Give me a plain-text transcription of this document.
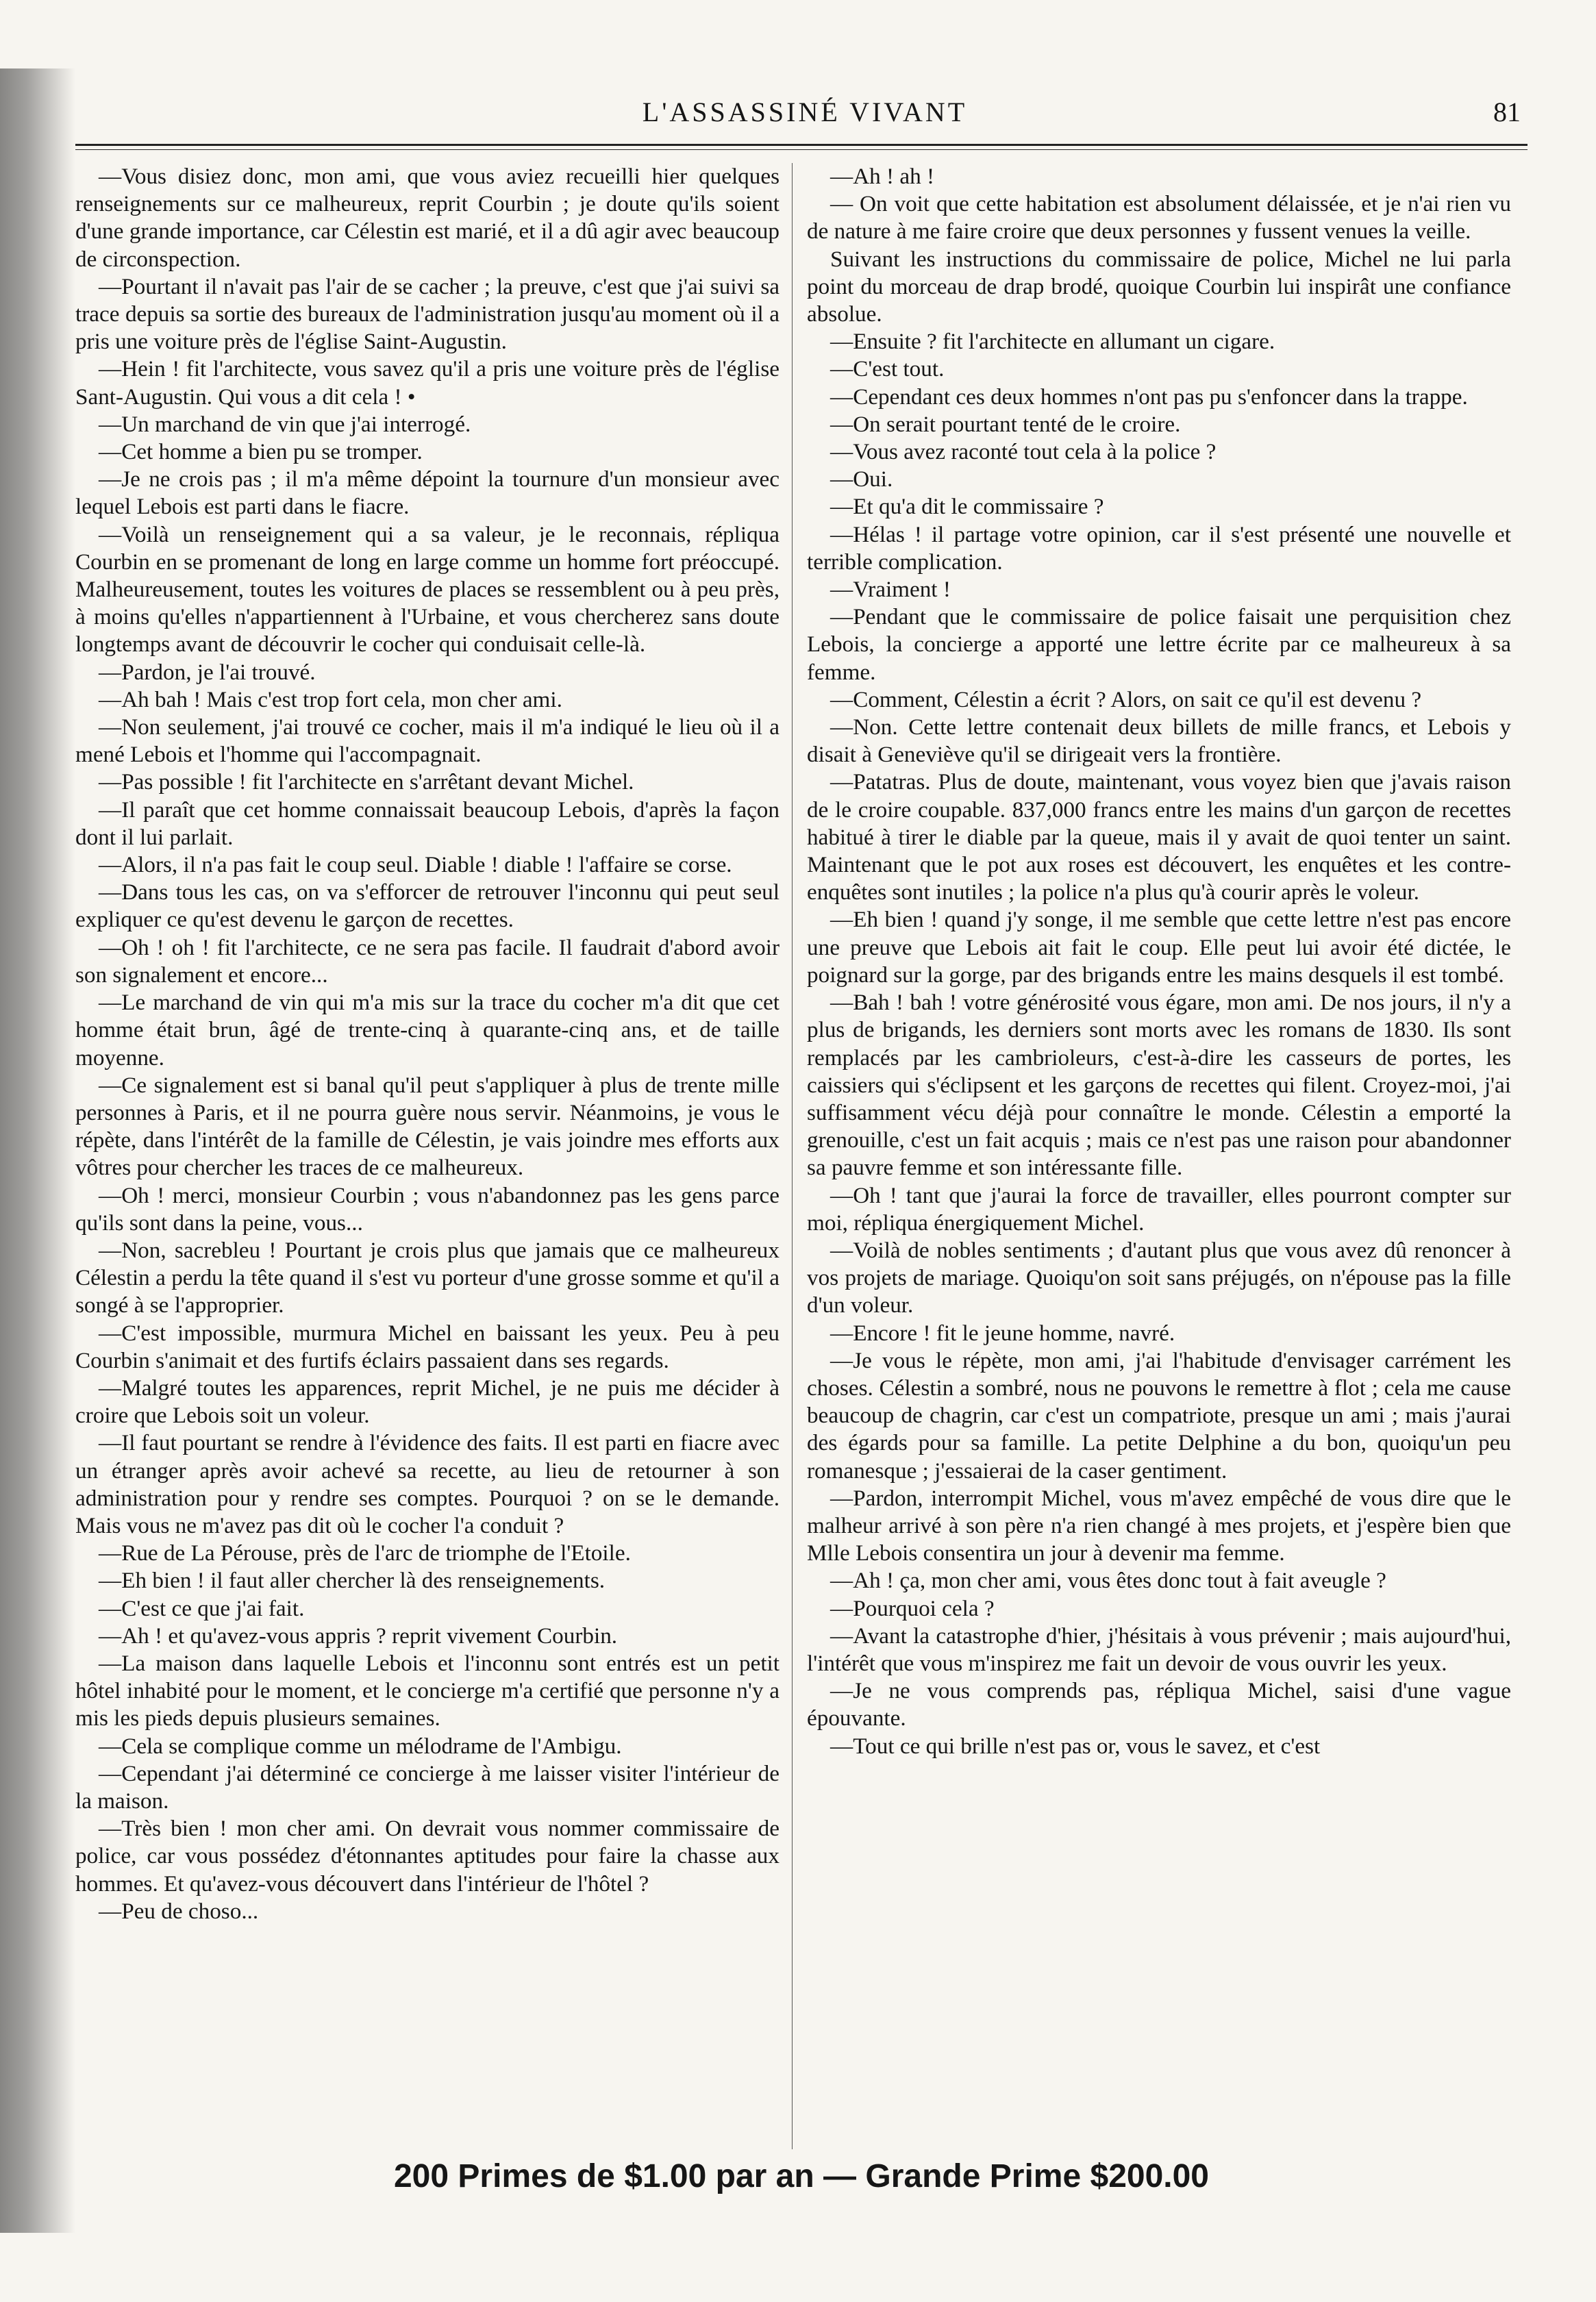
L'ASSASSINÉ VIVANT	81

—Vous disiez donc, mon ami, que vous aviez recueilli hier quelques renseignements sur ce malheureux, reprit Courbin ; je doute qu'ils soient d'une grande importance, car Célestin est marié, et il a dû agir avec beaucoup de circonspection.

—Pourtant il n'avait pas l'air de se cacher ; la preuve, c'est que j'ai suivi sa trace depuis sa sortie des bureaux de l'administration jusqu'au moment où il a pris une voiture près de l'église Saint-Augustin.

—Hein ! fit l'architecte, vous savez qu'il a pris une voiture près de l'église Sant-Augustin. Qui vous a dit cela ! •

—Un marchand de vin que j'ai interrogé.

—Cet homme a bien pu se tromper.

—Je ne crois pas ; il m'a même dépoint la tournure d'un monsieur avec lequel Lebois est parti dans le fiacre.

—Voilà un renseignement qui a sa valeur, je le reconnais, répliqua Courbin en se promenant de long en large comme un homme fort préoccupé. Malheureusement, toutes les voitures de places se ressemblent ou à peu près, à moins qu'elles n'appartiennent à l'Urbaine, et vous chercherez sans doute longtemps avant de découvrir le cocher qui conduisait celle-là.

—Pardon, je l'ai trouvé.

—Ah bah ! Mais c'est trop fort cela, mon cher ami.

—Non seulement, j'ai trouvé ce cocher, mais il m'a indiqué le lieu où il a mené Lebois et l'homme qui l'accompagnait.

—Pas possible ! fit l'architecte en s'arrêtant devant Michel.

—Il paraît que cet homme connaissait beaucoup Lebois, d'après la façon dont il lui parlait.

—Alors, il n'a pas fait le coup seul. Diable ! diable ! l'affaire se corse.

—Dans tous les cas, on va s'efforcer de retrouver l'inconnu qui peut seul expliquer ce qu'est devenu le garçon de recettes.

—Oh ! oh ! fit l'architecte, ce ne sera pas facile. Il faudrait d'abord avoir son signalement et encore...

—Le marchand de vin qui m'a mis sur la trace du cocher m'a dit que cet homme était brun, âgé de trente-cinq à quarante-cinq ans, et de taille moyenne.

—Ce signalement est si banal qu'il peut s'appliquer à plus de trente mille personnes à Paris, et il ne pourra guère nous servir. Néanmoins, je vous le répète, dans l'intérêt de la famille de Célestin, je vais joindre mes efforts aux vôtres pour chercher les traces de ce malheureux.

—Oh ! merci, monsieur Courbin ; vous n'abandonnez pas les gens parce qu'ils sont dans la peine, vous...

—Non, sacrebleu ! Pourtant je crois plus que jamais que ce malheureux Célestin a perdu la tête quand il s'est vu porteur d'une grosse somme et qu'il a songé à se l'approprier.

—C'est impossible, murmura Michel en baissant les yeux. Peu à peu Courbin s'animait et des furtifs éclairs passaient dans ses regards.

—Malgré toutes les apparences, reprit Michel, je ne puis me décider à croire que Lebois soit un voleur.

—Il faut pourtant se rendre à l'évidence des faits. Il est parti en fiacre avec un étranger après avoir achevé sa recette, au lieu de retourner à son administration pour y rendre ses comptes. Pourquoi ? on se le demande. Mais vous ne m'avez pas dit où le cocher l'a conduit ?

—Rue de La Pérouse, près de l'arc de triomphe de l'Etoile.

—Eh bien ! il faut aller chercher là des renseignements.

—C'est ce que j'ai fait.

—Ah ! et qu'avez-vous appris ? reprit vivement Courbin.

—La maison dans laquelle Lebois et l'inconnu sont entrés est un petit hôtel inhabité pour le moment, et le concierge m'a certifié que personne n'y a mis les pieds depuis plusieurs semaines.

—Cela se complique comme un mélodrame de l'Ambigu.

—Cependant j'ai déterminé ce concierge à me laisser visiter l'intérieur de la maison.

—Très bien ! mon cher ami. On devrait vous nommer commissaire de police, car vous possédez d'étonnantes aptitudes pour faire la chasse aux hommes. Et qu'avez-vous découvert dans l'intérieur de l'hôtel ?

—Peu de choso...

—Ah ! ah !

— On voit que cette habitation est absolument délaissée, et je n'ai rien vu de nature à me faire croire que deux personnes y fussent venues la veille.

Suivant les instructions du commissaire de police, Michel ne lui parla point du morceau de drap brodé, quoique Courbin lui inspirât une confiance absolue.

—Ensuite ? fit l'architecte en allumant un cigare.

—C'est tout.

—Cependant ces deux hommes n'ont pas pu s'enfoncer dans la trappe.

—On serait pourtant tenté de le croire.

—Vous avez raconté tout cela à la police ?

—Oui.

—Et qu'a dit le commissaire ?

—Hélas ! il partage votre opinion, car il s'est présenté une nouvelle et terrible complication.

—Vraiment !

—Pendant que le commissaire de police faisait une perquisition chez Lebois, la concierge a apporté une lettre écrite par ce malheureux à sa femme.

—Comment, Célestin a écrit ? Alors, on sait ce qu'il est devenu ?

—Non. Cette lettre contenait deux billets de mille francs, et Lebois y disait à Geneviève qu'il se dirigeait vers la frontière.

—Patatras. Plus de doute, maintenant, vous voyez bien que j'avais raison de le croire coupable. 837,000 francs entre les mains d'un garçon de recettes habitué à tirer le diable par la queue, mais il y avait de quoi tenter un saint. Maintenant que le pot aux roses est découvert, les enquêtes et les contre-enquêtes sont inutiles ; la police n'a plus qu'à courir après le voleur.

—Eh bien ! quand j'y songe, il me semble que cette lettre n'est pas encore une preuve que Lebois ait fait le coup. Elle peut lui avoir été dictée, le poignard sur la gorge, par des brigands entre les mains desquels il est tombé.

—Bah ! bah ! votre générosité vous égare, mon ami. De nos jours, il n'y a plus de brigands, les derniers sont morts avec les romans de 1830. Ils sont remplacés par les cambrioleurs, c'est-à-dire les casseurs de portes, les caissiers qui s'éclipsent et les garçons de recettes qui filent. Croyez-moi, j'ai suffisamment vécu déjà pour connaître le monde. Célestin a emporté la grenouille, c'est un fait acquis ; mais ce n'est pas une raison pour abandonner sa pauvre femme et son intéressante fille.

—Oh ! tant que j'aurai la force de travailler, elles pourront compter sur moi, répliqua énergiquement Michel.

—Voilà de nobles sentiments ; d'autant plus que vous avez dû renoncer à vos projets de mariage. Quoiqu'on soit sans préjugés, on n'épouse pas la fille d'un voleur.

—Encore ! fit le jeune homme, navré.

—Je vous le répète, mon ami, j'ai l'habitude d'envisager carrément les choses. Célestin a sombré, nous ne pouvons le remettre à flot ; cela me cause beaucoup de chagrin, car c'est un compatriote, presque un ami ; mais j'aurai des égards pour sa famille. La petite Delphine a du bon, quoiqu'un peu romanesque ; j'essaierai de la caser gentiment.

—Pardon, interrompit Michel, vous m'avez empêché de vous dire que le malheur arrivé à son père n'a rien changé à mes projets, et j'espère bien que Mlle Lebois consentira un jour à devenir ma femme.

—Ah ! ça, mon cher ami, vous êtes donc tout à fait aveugle ?

—Pourquoi cela ?

—Avant la catastrophe d'hier, j'hésitais à vous prévenir ; mais aujourd'hui, l'intérêt que vous m'inspirez me fait un devoir de vous ouvrir les yeux.

—Je ne vous comprends pas, répliqua Michel, saisi d'une vague épouvante.

—Tout ce qui brille n'est pas or, vous le savez, et c'est

200 Primes de $1.00 par an — Grande Prime $200.00
